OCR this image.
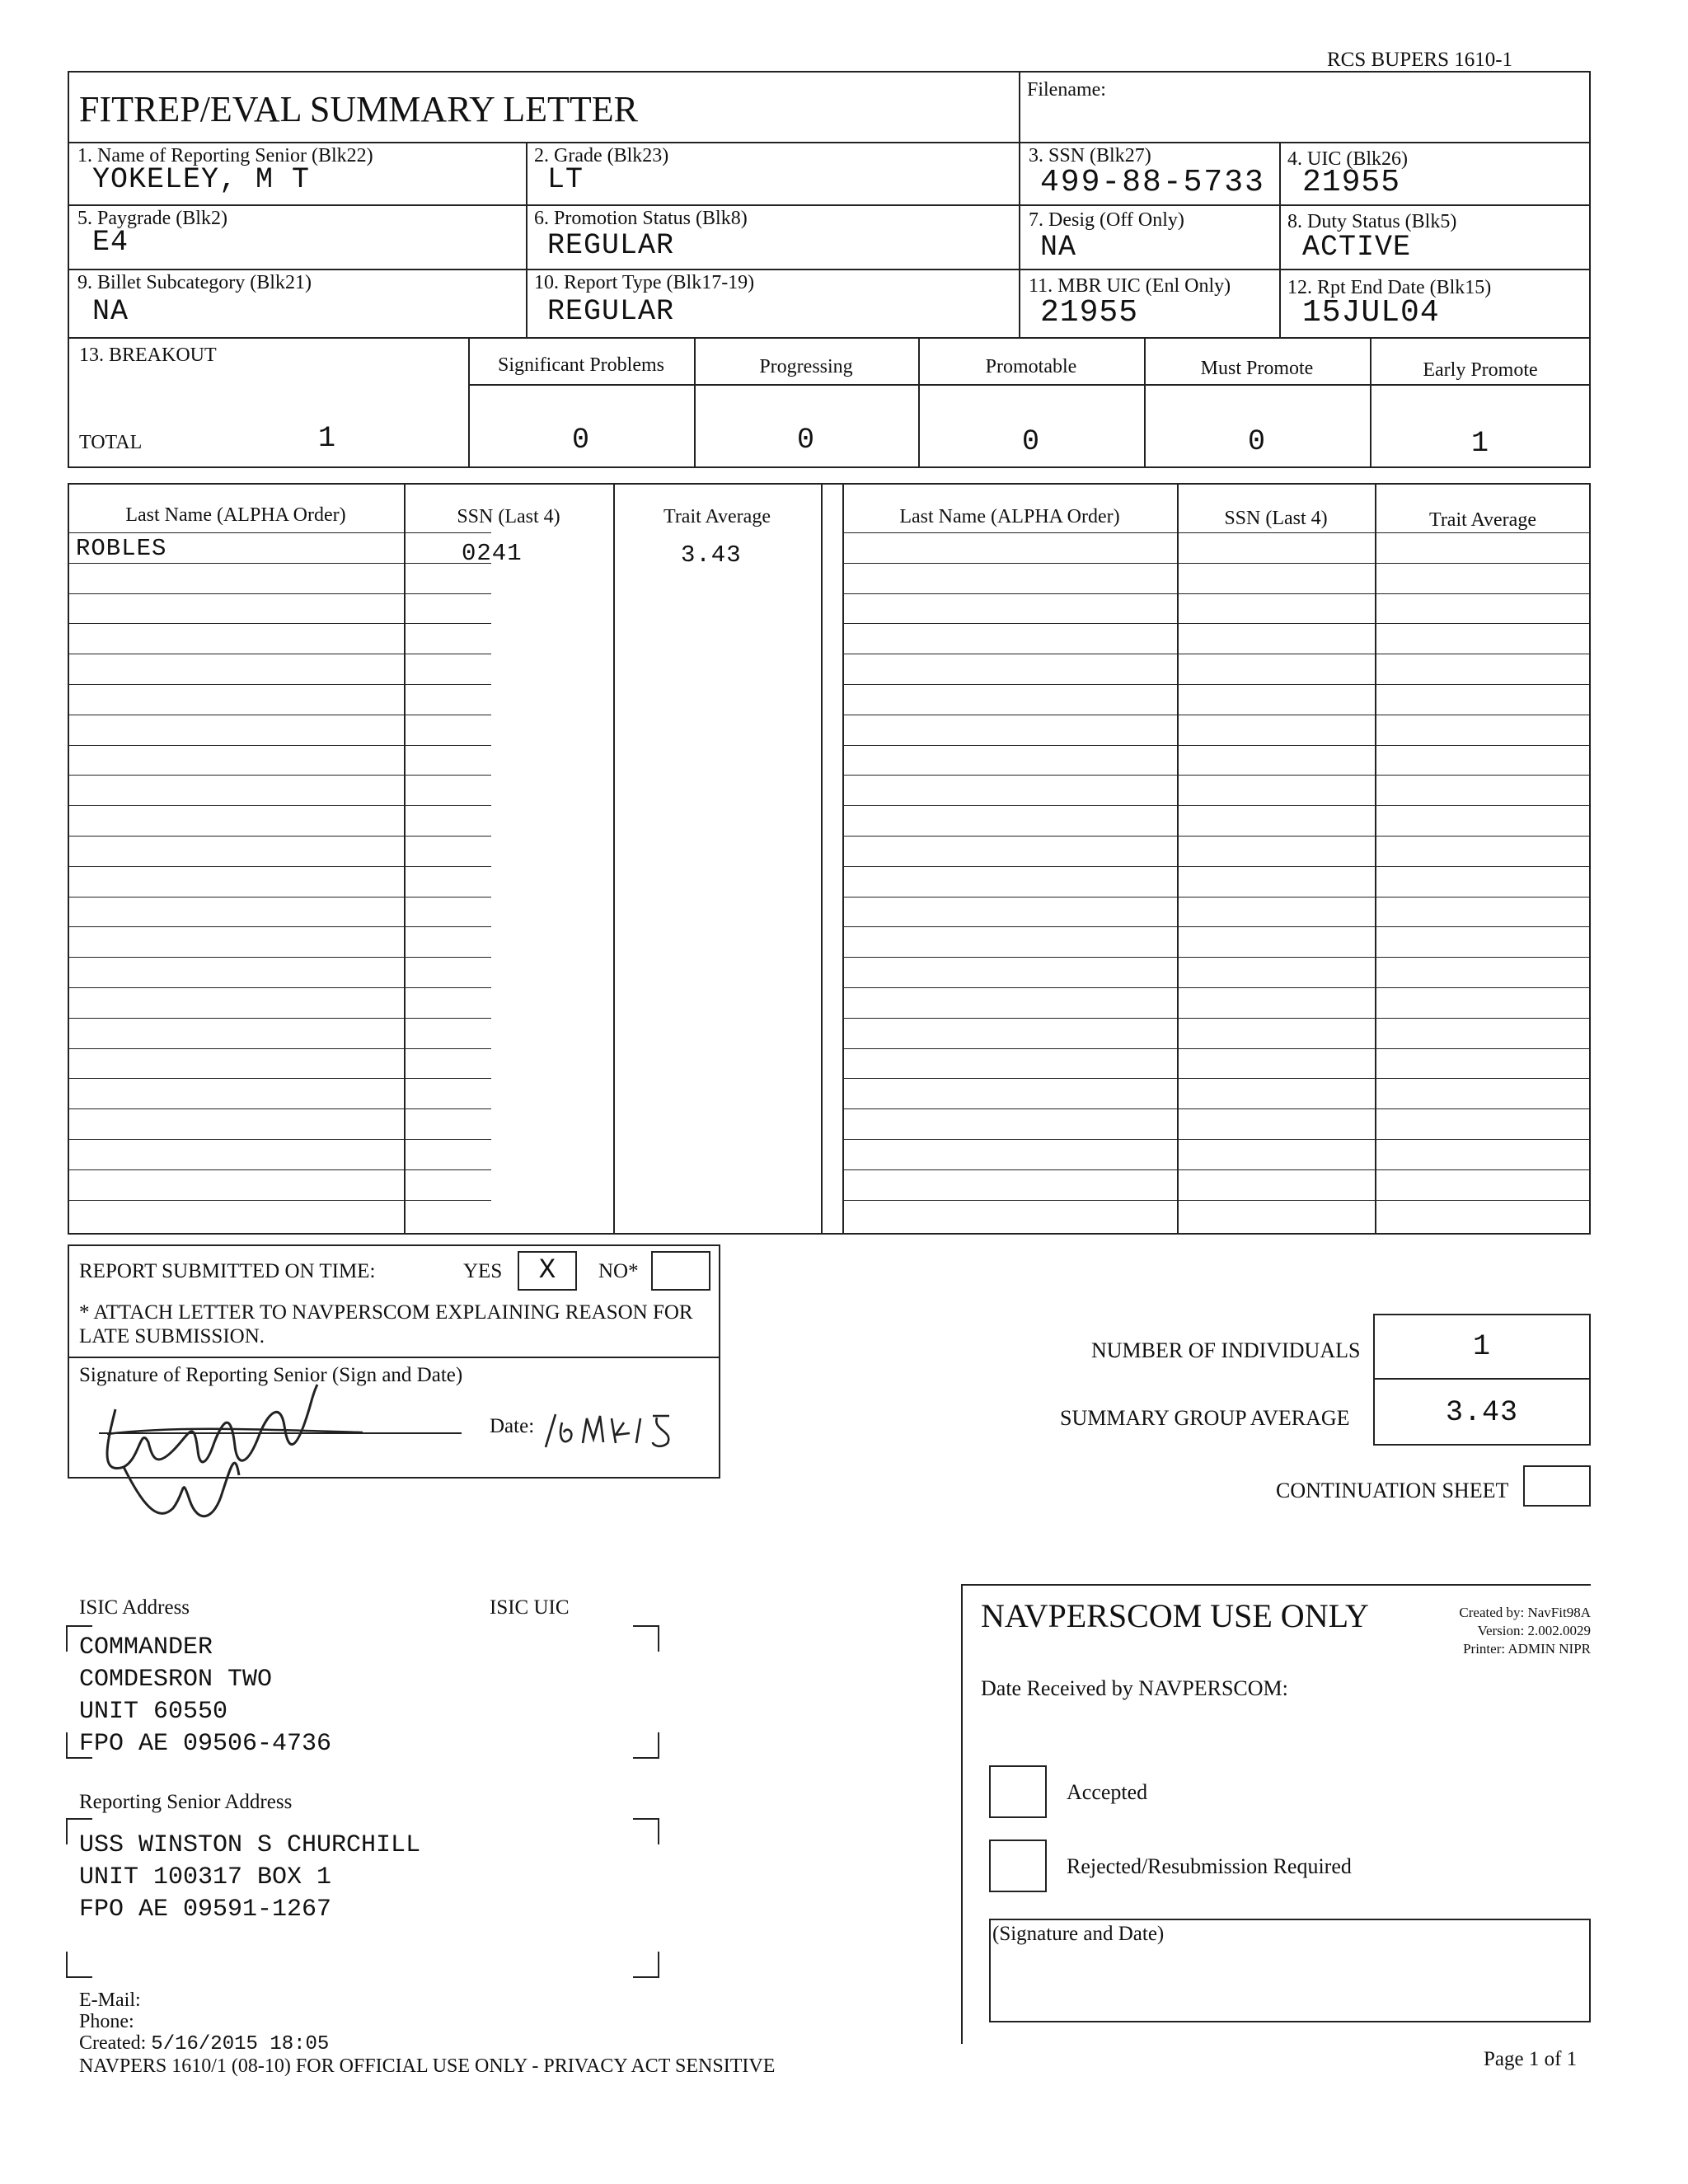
RCS BUPERS 1610-1
FITREP/EVAL SUMMARY LETTER	Filename:
1. Name of Reporting Senior (Blk22)
YOKELEY, M T
2. Grade (Blk23)
LT
3. SSN (Blk27)
499-88-5733
4. UIC (Blk26)
21955
5. Paygrade (Blk2)
E4
6. Promotion Status (Blk8)
REGULAR
7. Desig (Off Only)
NA
8. Duty Status (Blk5)
ACTIVE
9. Billet Subcategory (Blk21)
NA
10. Report Type (Blk17-19)
REGULAR
11. MBR UIC (Enl Only)
21955
12. Rpt End Date (Blk15)
15JUL04
13. BREAKOUT
TOTAL	1
Significant Problems	Progressing	Promotable	Must Promote	Early Promote
0	0	0	0	1
Last Name (ALPHA Order)	SSN (Last 4)	Trait Average	Last Name (ALPHA Order)	SSN (Last 4)	Trait Average
ROBLES	0241	3.43
REPORT SUBMITTED ON TIME:	YES	X	NO*
* ATTACH LETTER TO NAVPERSCOM EXPLAINING REASON FOR LATE SUBMISSION.
Signature of Reporting Senior (Sign and Date)
Date:
NUMBER OF INDIVIDUALS	1
SUMMARY GROUP AVERAGE	3.43
CONTINUATION SHEET
ISIC Address	ISIC UIC
COMMANDER
COMDESRON TWO
UNIT 60550
FPO AE 09506-4736
Reporting Senior Address
USS WINSTON S CHURCHILL
UNIT 100317 BOX 1
FPO AE 09591-1267
NAVPERSCOM USE ONLY	Created by: NavFit98A
Version: 2.002.0029
Printer: ADMIN NIPR
Date Received by NAVPERSCOM:
Accepted
Rejected/Resubmission Required
(Signature and Date)
E-Mail:
Phone:
Created: 5/16/2015 18:05
NAVPERS 1610/1 (08-10) FOR OFFICIAL USE ONLY - PRIVACY ACT SENSITIVE	Page 1 of 1
